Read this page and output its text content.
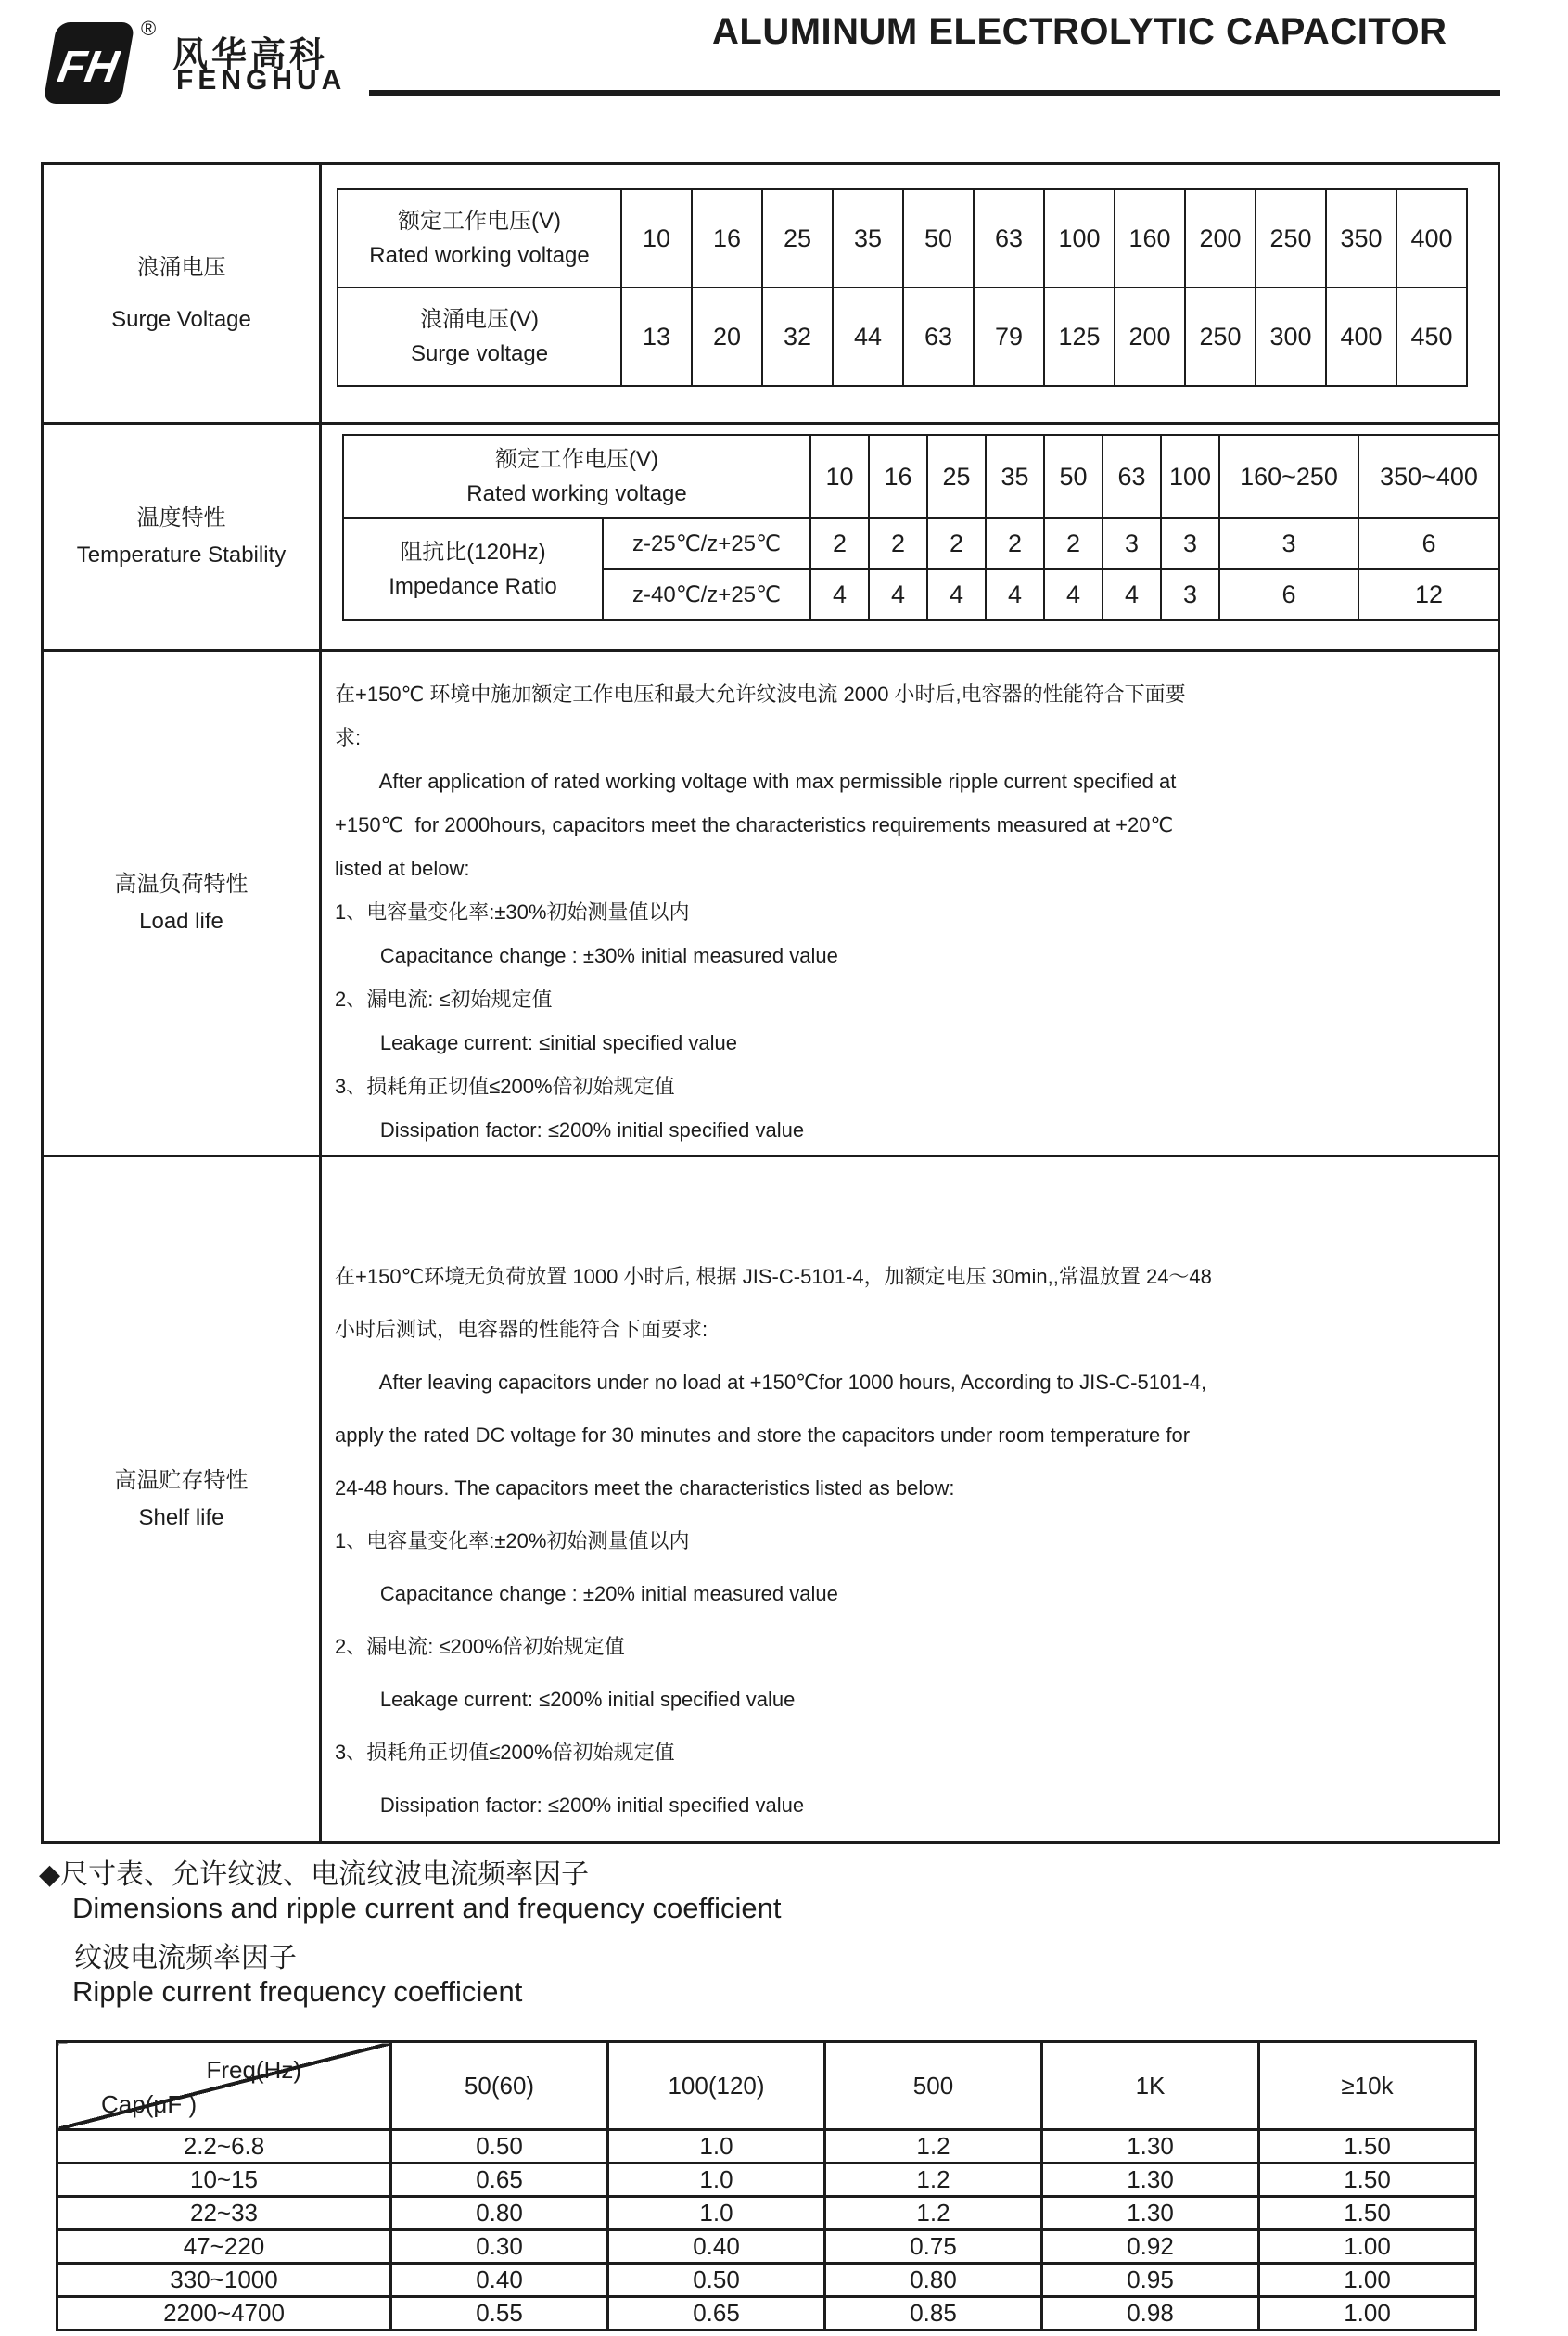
FH
®
风华高科
FENGHUA
ALUMINUM ELECTROLYTIC CAPACITOR
浪涌电压
Surge Voltage

额定工作电压(V)
Rated working voltage
	10	16	25	35	50	63	100	160	200	250	350	400

浪涌电压(V)
Surge voltage
	13	20	32	44	63	79	125	200	250	300	400	450

温度特性
Temperature Stability

额定工作电压(V)
Rated working voltage
	10	16	25	35	50	63	100	160~250	350~400

阻抗比(120Hz)
Impedance Ratio
	z-25℃/z+25℃	2	2	2	2	2	3	3	3	6
z-40℃/z+25℃	4	4	4	4	4	4	3	6	12

高温负荷特性
Load life

在+150℃ 环境中施加额定工作电压和最大允许纹波电流 2000 小时后,电容器的性能符合下面要
求:
After application of rated working voltage with max permissible ripple current specified at
+150℃  for 2000hours, capacitors meet the characteristics requirements measured at +20℃
listed at below:
1、电容量变化率:±30%初始测量值以内
Capacitance change : ±30% initial measured value
2、漏电流: ≤初始规定值
Leakage current: ≤initial specified value
3、损耗角正切值≤200%倍初始规定值
Dissipation factor: ≤200% initial specified value

高温贮存特性
Shelf life

在+150℃环境无负荷放置 1000 小时后, 根据 JIS-C-5101-4，加额定电压 30min,,常温放置 24～48
小时后测试，电容器的性能符合下面要求:
After leaving capacitors under no load at +150℃for 1000 hours, According to JIS-C-5101-4,
apply the rated DC voltage for 30 minutes and store the capacitors under room temperature for
24-48 hours. The capacitors meet the characteristics listed as below:
1、电容量变化率:±20%初始测量值以内
Capacitance change : ±20% initial measured value
2、漏电流: ≤200%倍初始规定值
Leakage current: ≤200% initial specified value
3、损耗角正切值≤200%倍初始规定值
Dissipation factor: ≤200% initial specified value
◆尺寸表、允许纹波、电流纹波电流频率因子
Dimensions and ripple current and frequency coefficient
纹波电流频率因子
Ripple current frequency coefficient
Freq(Hz)
Cap(μF )	50(60)	100(120)	500	1K	≥10k
2.2~6.8	0.50	1.0	1.2	1.30	1.50
10~15	0.65	1.0	1.2	1.30	1.50
22~33	0.80	1.0	1.2	1.30	1.50
47~220	0.30	0.40	0.75	0.92	1.00
330~1000	0.40	0.50	0.80	0.95	1.00
2200~4700	0.55	0.65	0.85	0.98	1.00
